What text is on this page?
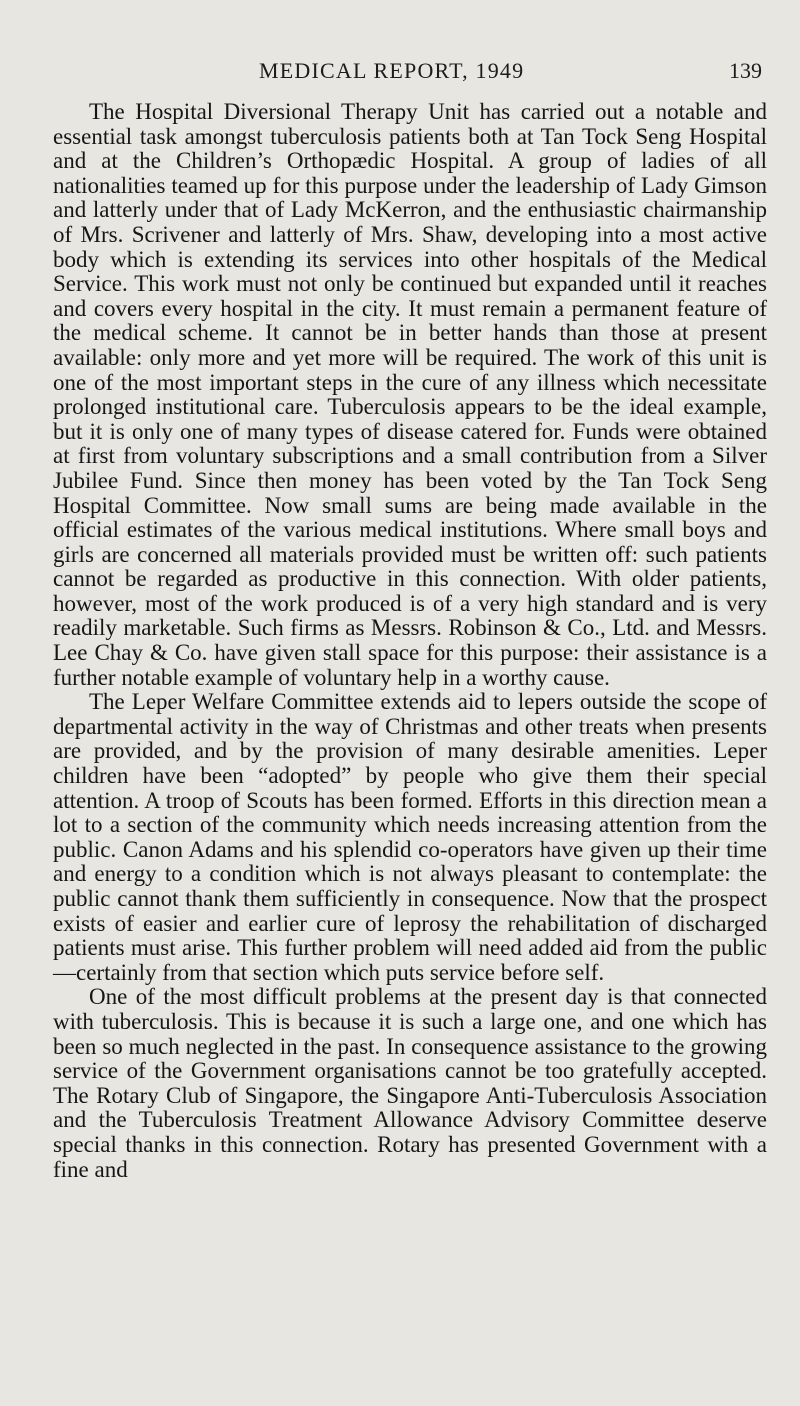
MEDICAL REPORT, 1949	139

The Hospital Diversional Therapy Unit has carried out a notable and essential task amongst tuberculosis patients both at Tan Tock Seng Hospital and at the Children’s Orthopædic Hospital. A group of ladies of all nationalities teamed up for this purpose under the leadership of Lady Gimson and latterly under that of Lady McKerron, and the enthusiastic chairmanship of Mrs. Scrivener and latterly of Mrs. Shaw, developing into a most active body which is extending its services into other hospitals of the Medical Service. This work must not only be continued but expanded until it reaches and covers every hospital in the city. It must remain a permanent feature of the medical scheme. It cannot be in better hands than those at present available: only more and yet more will be required. The work of this unit is one of the most important steps in the cure of any illness which necessitate prolonged institutional care. Tuberculosis appears to be the ideal example, but it is only one of many types of disease catered for. Funds were obtained at first from voluntary subscriptions and a small contribution from a Silver Jubilee Fund. Since then money has been voted by the Tan Tock Seng Hospital Committee. Now small sums are being made available in the official estimates of the various medical institutions. Where small boys and girls are concerned all materials provided must be written off: such patients cannot be regarded as productive in this connection. With older patients, however, most of the work produced is of a very high standard and is very readily marketable. Such firms as Messrs. Robinson & Co., Ltd. and Messrs. Lee Chay & Co. have given stall space for this purpose: their assistance is a further notable example of voluntary help in a worthy cause.

The Leper Welfare Committee extends aid to lepers outside the scope of departmental activity in the way of Christmas and other treats when presents are provided, and by the provision of many desirable amenities. Leper children have been “adopted” by people who give them their special attention. A troop of Scouts has been formed. Efforts in this direction mean a lot to a section of the community which needs increasing attention from the public. Canon Adams and his splendid co-operators have given up their time and energy to a condition which is not always pleasant to contemplate: the public cannot thank them sufficiently in consequence. Now that the prospect exists of easier and earlier cure of leprosy the rehabilitation of discharged patients must arise. This further problem will need added aid from the public—certainly from that section which puts service before self.

One of the most difficult problems at the present day is that connected with tuberculosis. This is because it is such a large one, and one which has been so much neglected in the past. In consequence assistance to the growing service of the Government organisations cannot be too gratefully accepted. The Rotary Club of Singapore, the Singapore Anti-Tuberculosis Association and the Tuberculosis Treatment Allowance Advisory Committee deserve special thanks in this connection. Rotary has presented Government with a fine and
